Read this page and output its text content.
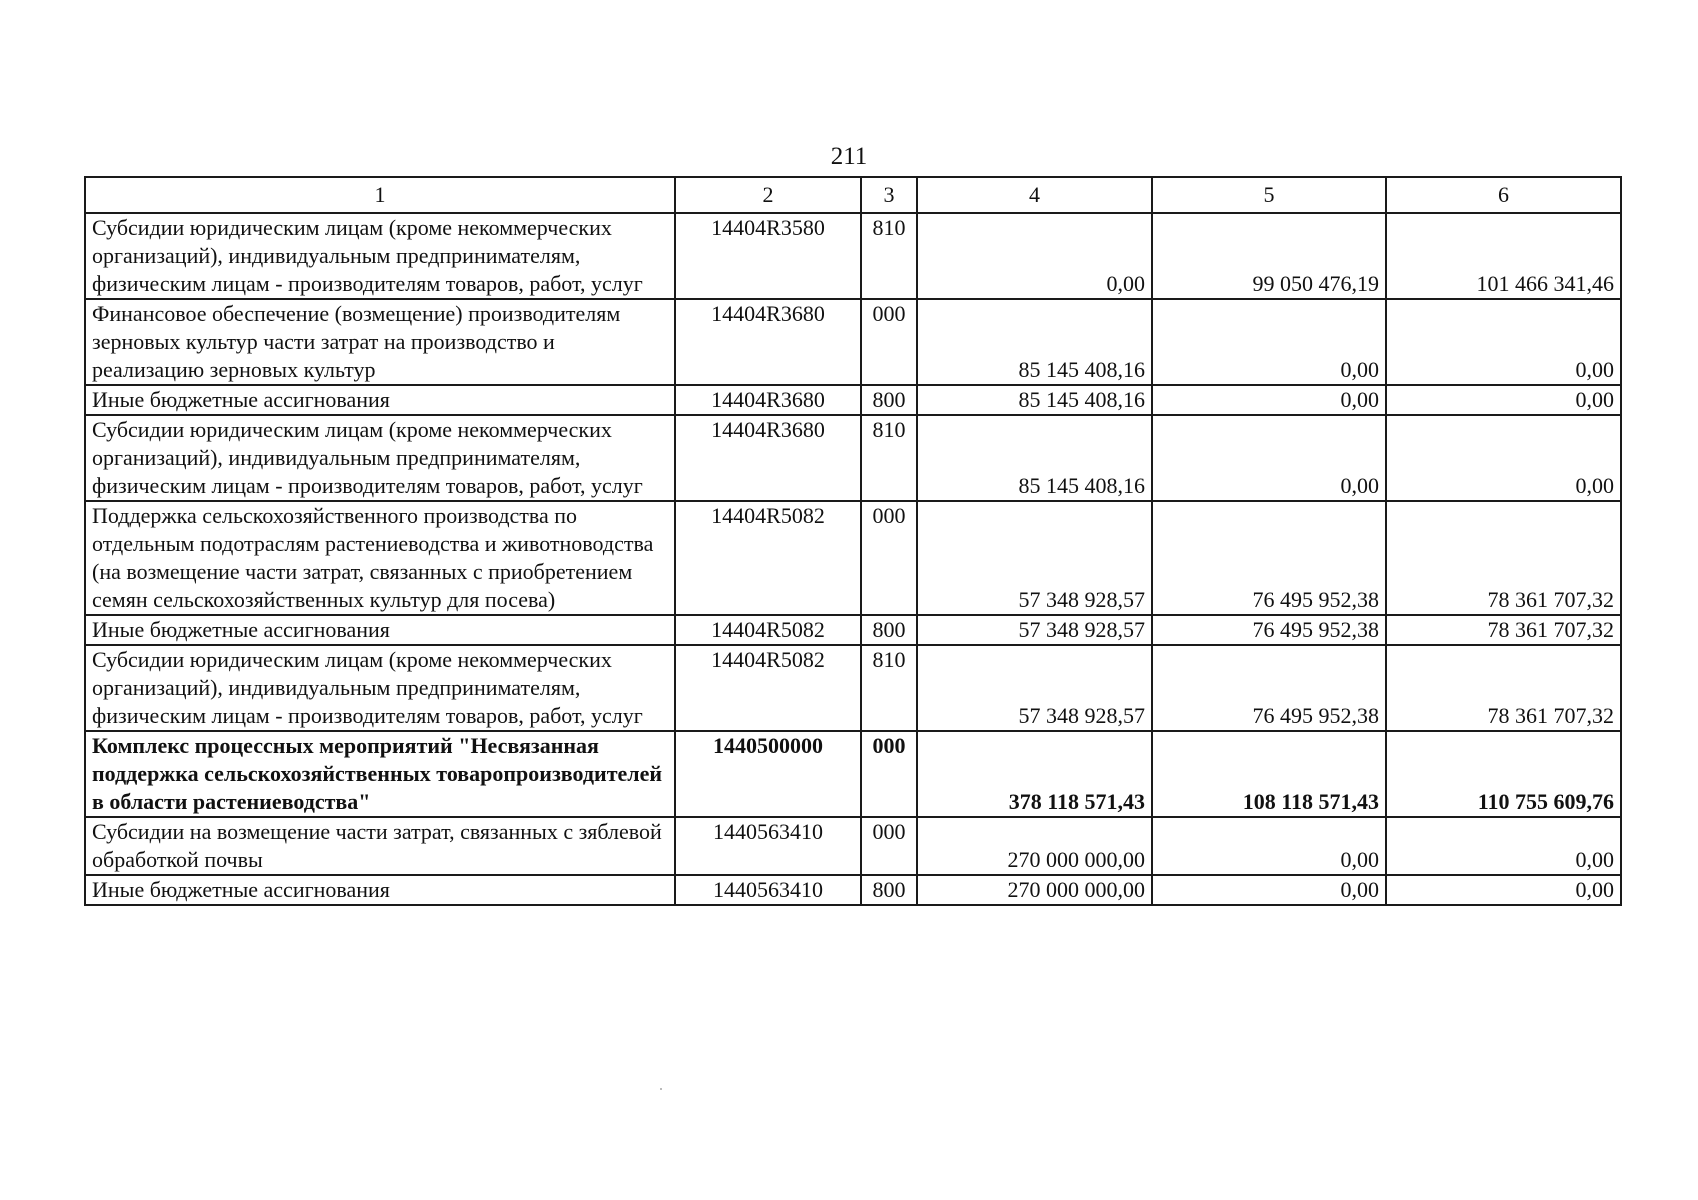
211
1	2	3	4	5	6
Субсидии юридическим лицам (кроме некоммерческих организаций), индивидуальным предпринимателям, физическим лицам - производителям товаров, работ, услуг	14404R3580	810	0,00	99 050 476,19	101 466 341,46
Финансовое обеспечение (возмещение) производителям зерновых культур части затрат на производство и реализацию зерновых культур	14404R3680	000	85 145 408,16	0,00	0,00
Иные бюджетные ассигнования	14404R3680	800	85 145 408,16	0,00	0,00
Субсидии юридическим лицам (кроме некоммерческих организаций), индивидуальным предпринимателям, физическим лицам - производителям товаров, работ, услуг	14404R3680	810	85 145 408,16	0,00	0,00
Поддержка сельскохозяйственного производства по отдельным подотраслям растениеводства и животноводства (на возмещение части затрат, связанных с приобретением семян сельскохозяйственных культур для посева)	14404R5082	000	57 348 928,57	76 495 952,38	78 361 707,32
Иные бюджетные ассигнования	14404R5082	800	57 348 928,57	76 495 952,38	78 361 707,32
Субсидии юридическим лицам (кроме некоммерческих организаций), индивидуальным предпринимателям, физическим лицам - производителям товаров, работ, услуг	14404R5082	810	57 348 928,57	76 495 952,38	78 361 707,32
Комплекс процессных мероприятий "Несвязанная поддержка сельскохозяйственных товаропроизводителей в области растениеводства"	1440500000	000	378 118 571,43	108 118 571,43	110 755 609,76
Субсидии на возмещение части затрат, связанных с зяблевой обработкой почвы	1440563410	000	270 000 000,00	0,00	0,00
Иные бюджетные ассигнования	1440563410	800	270 000 000,00	0,00	0,00
